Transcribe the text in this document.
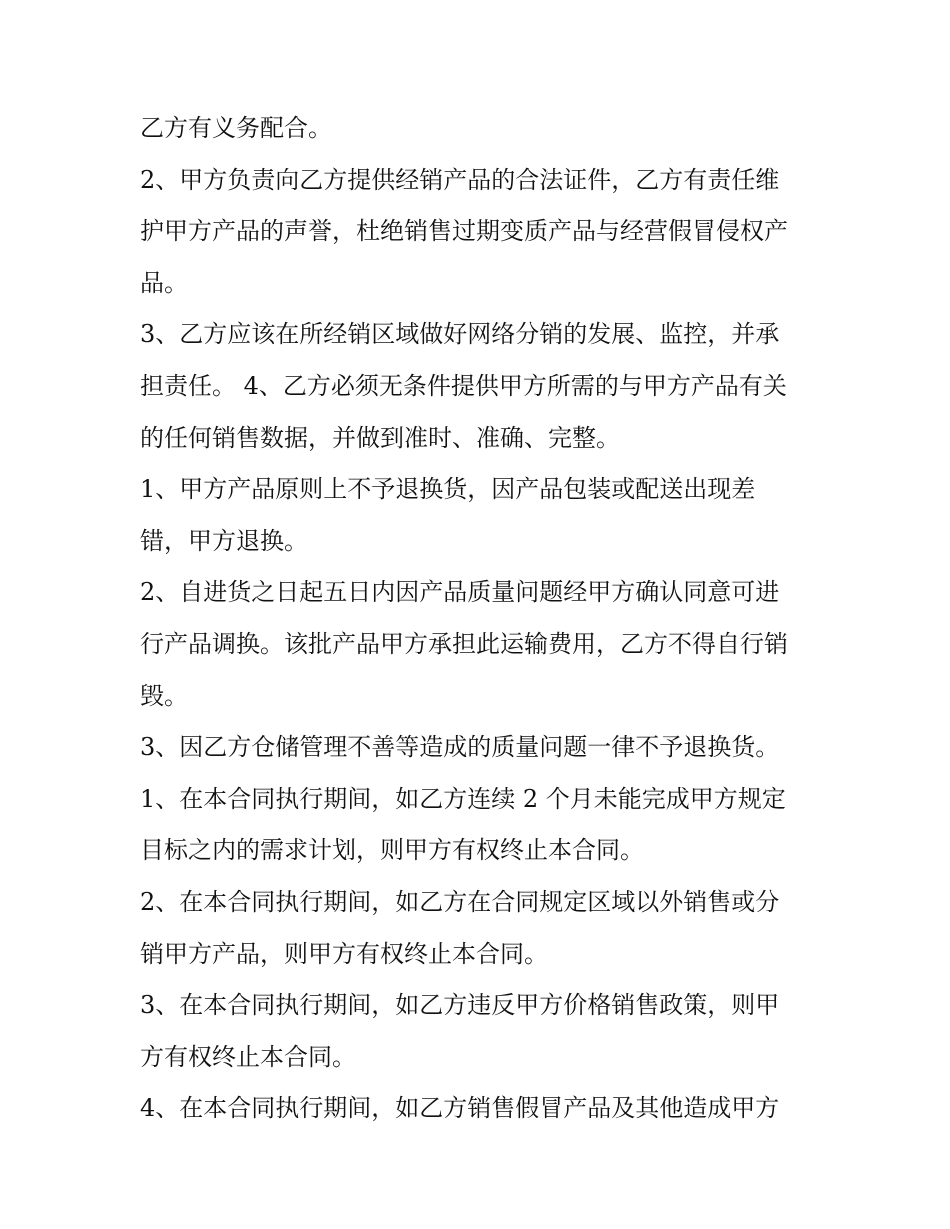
乙方有义务配合。
2、甲方负责向乙方提供经销产品的合法证件，乙方有责任维
护甲方产品的声誉，杜绝销售过期变质产品与经营假冒侵权产
品。
3、乙方应该在所经销区域做好网络分销的发展、监控，并承
担责任。 4、乙方必须无条件提供甲方所需的与甲方产品有关
的任何销售数据，并做到准时、准确、完整。
1、甲方产品原则上不予退换货，因产品包装或配送出现差
错，甲方退换。
2、自进货之日起五日内因产品质量问题经甲方确认同意可进
行产品调换。该批产品甲方承担此运输费用，乙方不得自行销
毁。
3、因乙方仓储管理不善等造成的质量问题一律不予退换货。
1、在本合同执行期间，如乙方连续 2 个月未能完成甲方规定
目标之内的需求计划，则甲方有权终止本合同。
2、在本合同执行期间，如乙方在合同规定区域以外销售或分
销甲方产品，则甲方有权终止本合同。
3、在本合同执行期间，如乙方违反甲方价格销售政策，则甲
方有权终止本合同。
4、在本合同执行期间，如乙方销售假冒产品及其他造成甲方
